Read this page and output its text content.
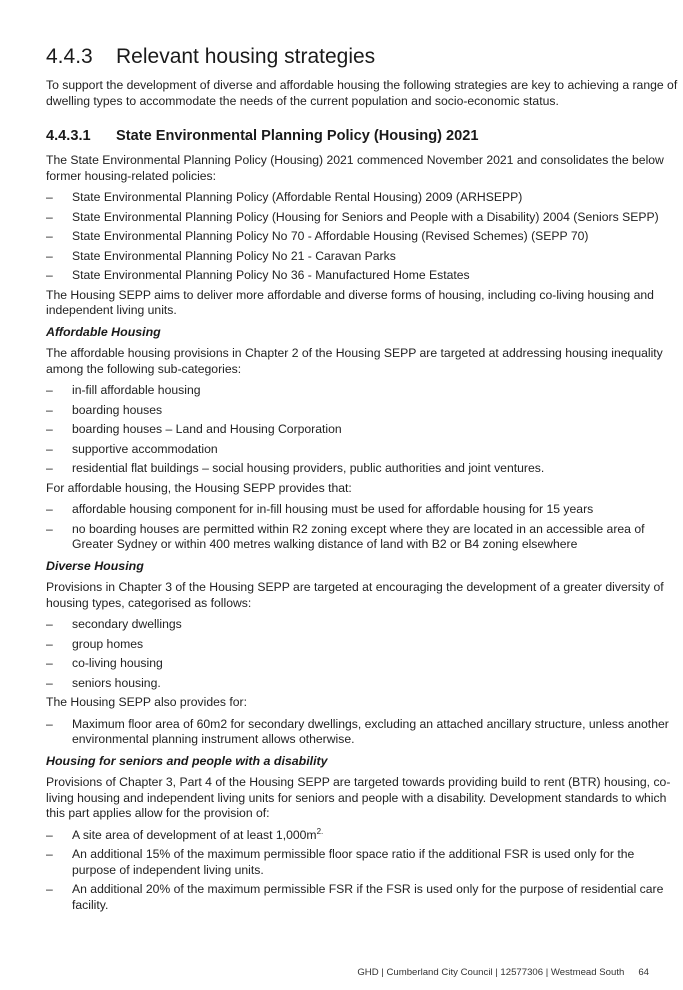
4.4.3 Relevant housing strategies

To support the development of diverse and affordable housing the following strategies are key to achieving a range of dwelling types to accommodate the needs of the current population and socio-economic status.

4.4.3.1 State Environmental Planning Policy (Housing) 2021

The State Environmental Planning Policy (Housing) 2021 commenced November 2021 and consolidates the below former housing-related policies:

– State Environmental Planning Policy (Affordable Rental Housing) 2009 (ARHSEPP)
– State Environmental Planning Policy (Housing for Seniors and People with a Disability) 2004 (Seniors SEPP)
– State Environmental Planning Policy No 70 - Affordable Housing (Revised Schemes) (SEPP 70)
– State Environmental Planning Policy No 21 - Caravan Parks
– State Environmental Planning Policy No 36 - Manufactured Home Estates

The Housing SEPP aims to deliver more affordable and diverse forms of housing, including co-living housing and independent living units.

Affordable Housing

The affordable housing provisions in Chapter 2 of the Housing SEPP are targeted at addressing housing inequality among the following sub-categories:

– in-fill affordable housing
– boarding houses
– boarding houses – Land and Housing Corporation
– supportive accommodation
– residential flat buildings – social housing providers, public authorities and joint ventures.

For affordable housing, the Housing SEPP provides that:

– affordable housing component for in-fill housing must be used for affordable housing for 15 years
– no boarding houses are permitted within R2 zoning except where they are located in an accessible area of Greater Sydney or within 400 metres walking distance of land with B2 or B4 zoning elsewhere
Diverse Housing

Provisions in Chapter 3 of the Housing SEPP are targeted at encouraging the development of a greater diversity of housing types, categorised as follows:

– secondary dwellings
– group homes
– co-living housing
– seniors housing.

The Housing SEPP also provides for:

– Maximum floor area of 60m2 for secondary dwellings, excluding an attached ancillary structure, unless another environmental planning instrument allows otherwise.
Housing for seniors and people with a disability

Provisions of Chapter 3, Part 4 of the Housing SEPP are targeted towards providing build to rent (BTR) housing, co-living housing and independent living units for seniors and people with a disability. Development standards to which this part applies allow for the provision of:

– A site area of development of at least $1,000m^{2.}$
– An additional 15% of the maximum permissible floor space ratio if the additional FSR is used only for the purpose of independent living units.
– An additional 20% of the maximum permissible FSR if the FSR is used only for the purpose of residential care facility.
GHD | Cumberland City Council | 12577306 | Westmead South 64
